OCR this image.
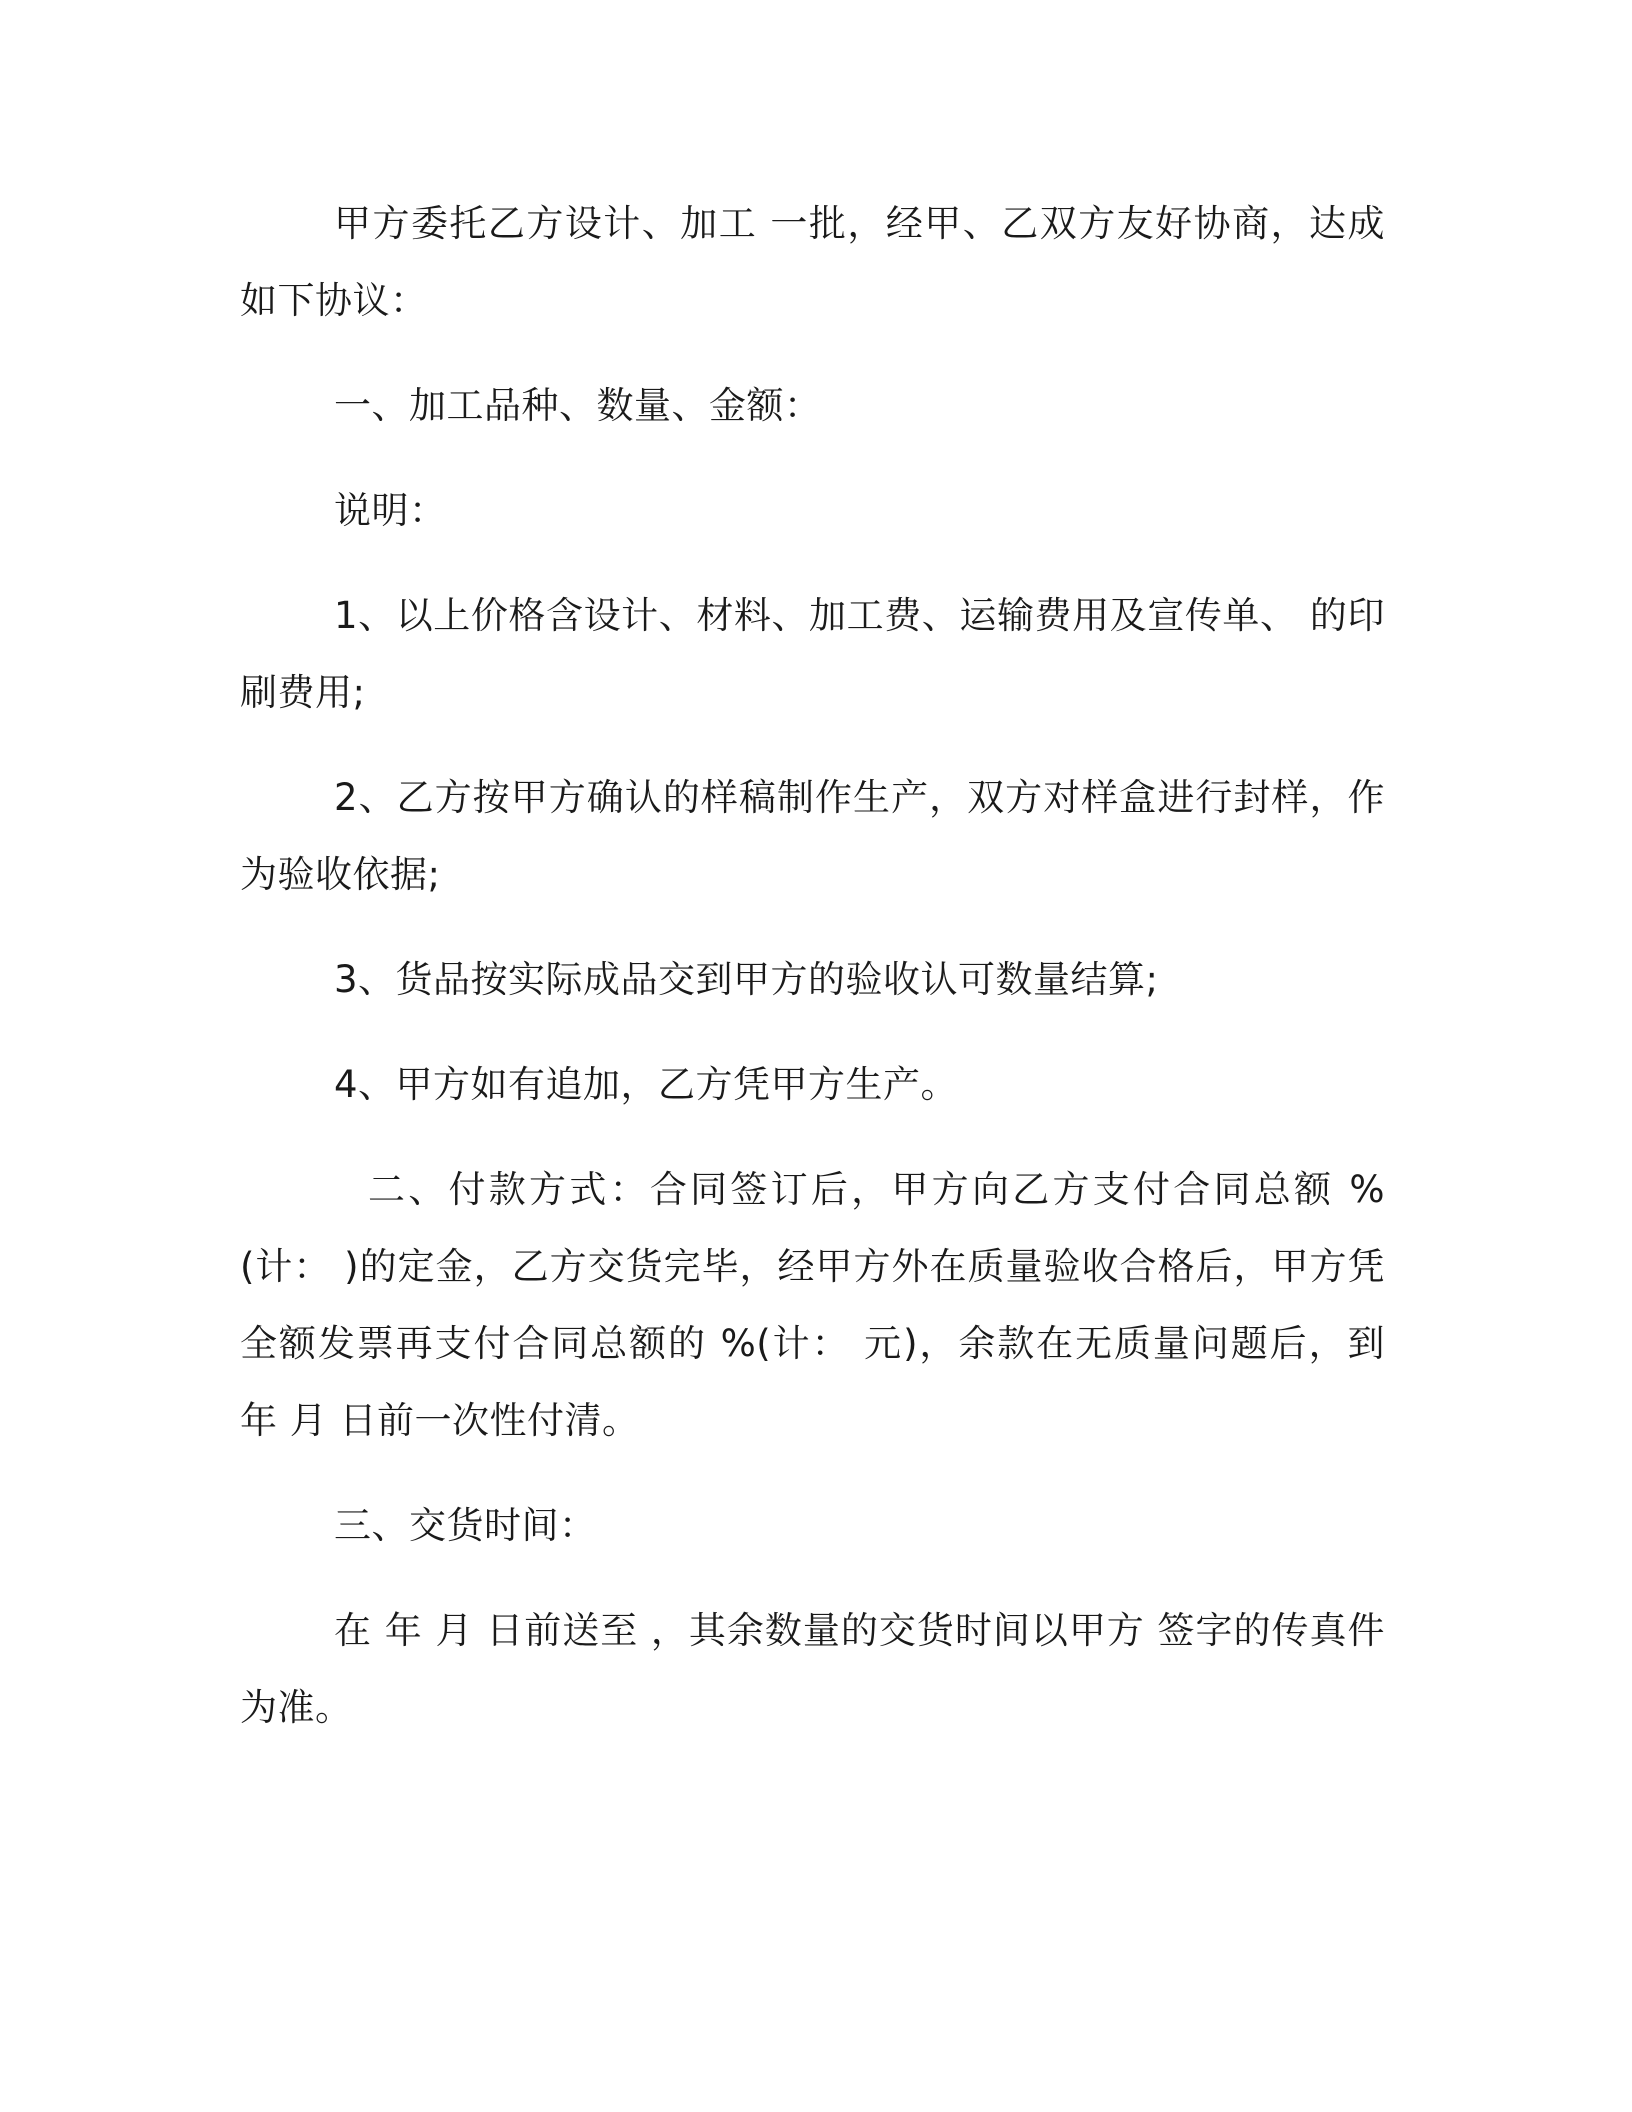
甲方委托乙方设计、加工 一批，经甲、乙双方友好协商，达成如下协议：

一、加工品种、数量、金额：

说明：

1、以上价格含设计、材料、加工费、运输费用及宣传单、 的印刷费用;

2、乙方按甲方确认的样稿制作生产，双方对样盒进行封样，作为验收依据;

3、货品按实际成品交到甲方的验收认可数量结算;

4、甲方如有追加，乙方凭甲方生产。

二、付款方式：合同签订后，甲方向乙方支付合同总额 %(计： )的定金，乙方交货完毕，经甲方外在质量验收合格后，甲方凭全额发票再支付合同总额的 %(计： 元)，余款在无质量问题后，到 年 月 日前一次性付清。

三、交货时间：

在 年 月 日前送至 ，其余数量的交货时间以甲方 签字的传真件为准。
